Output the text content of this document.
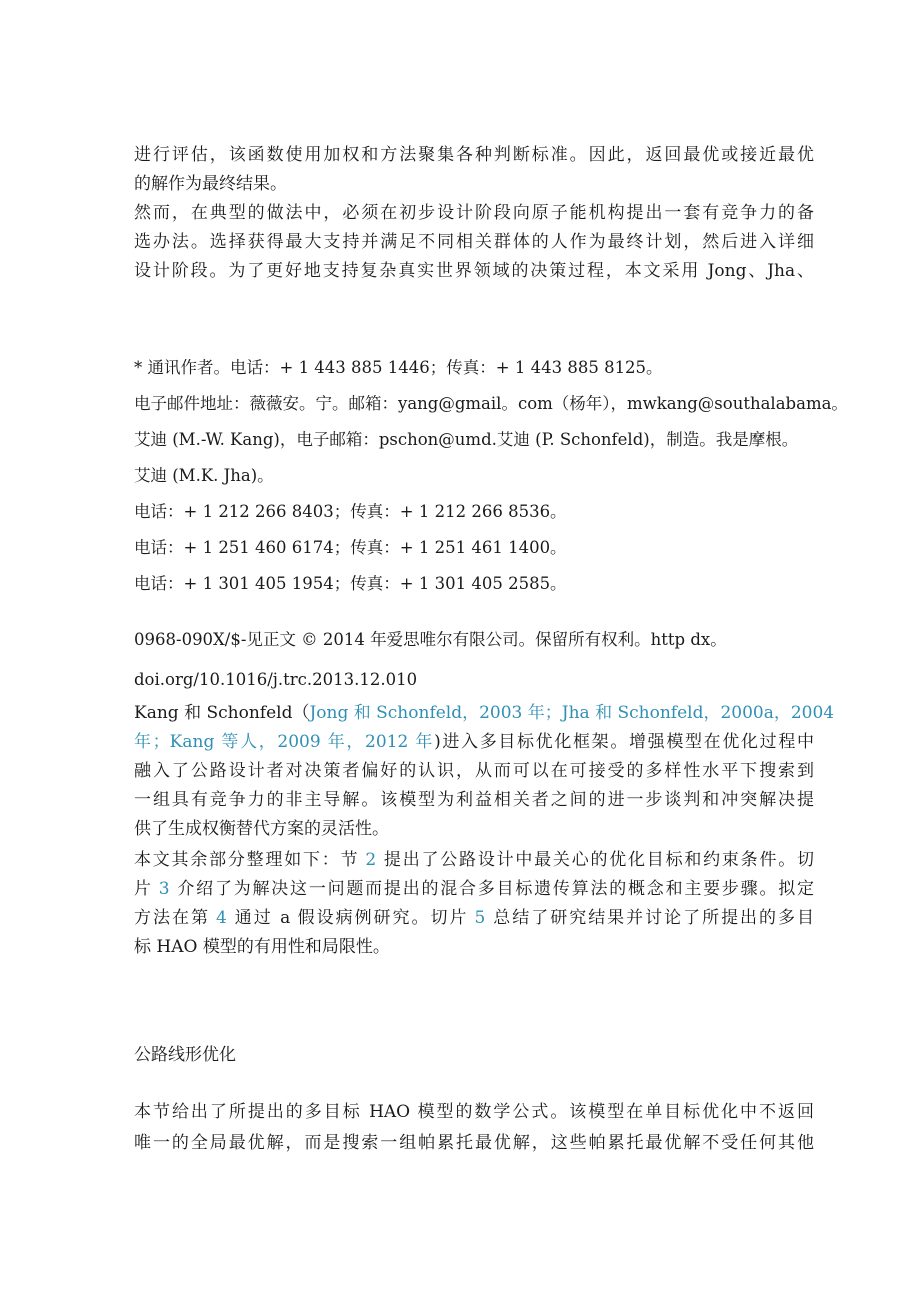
进行评估，该函数使用加权和方法聚集各种判断标准。因此，返回最优或接近最优
的解作为最终结果。
然而，在典型的做法中，必须在初步设计阶段向原子能机构提出一套有竞争力的备
选办法。选择获得最大支持并满足不同相关群体的人作为最终计划，然后进入详细
设计阶段。为了更好地支持复杂真实世界领域的决策过程，本文采用 Jong、Jha、
* 通讯作者。电话：+ 1 443 885 1446；传真：+ 1 443 885 8125。
电子邮件地址：薇薇安。宁。邮箱：yang@gmail。com（杨年），mwkang@southalabama。
艾迪 (M.-W. Kang)，电子邮箱：pschon@umd.艾迪 (P. Schonfeld)，制造。我是摩根。
艾迪 (M.K. Jha)。
电话：+ 1 212 266 8403；传真：+ 1 212 266 8536。
电话：+ 1 251 460 6174；传真：+ 1 251 461 1400。
电话：+ 1 301 405 1954；传真：+ 1 301 405 2585。
0968-090X/$-见正文 © 2014 年爱思唯尔有限公司。保留所有权利。http dx。
doi.org/10.1016/j.trc.2013.12.010
Kang 和 Schonfeld（Jong 和 Schonfeld，2003 年；Jha 和 Schonfeld，2000a，2004
年；Kang 等人，2009 年，2012 年)进入多目标优化框架。增强模型在优化过程中
融入了公路设计者对决策者偏好的认识，从而可以在可接受的多样性水平下搜索到
一组具有竞争力的非主导解。该模型为利益相关者之间的进一步谈判和冲突解决提
供了生成权衡替代方案的灵活性。
本文其余部分整理如下：节 2 提出了公路设计中最关心的优化目标和约束条件。切
片 3 介绍了为解决这一问题而提出的混合多目标遗传算法的概念和主要步骤。拟定
方法在第 4 通过 a 假设病例研究。切片 5 总结了研究结果并讨论了所提出的多目
标 HAO 模型的有用性和局限性。
公路线形优化
本节给出了所提出的多目标 HAO 模型的数学公式。该模型在单目标优化中不返回
唯一的全局最优解，而是搜索一组帕累托最优解，这些帕累托最优解不受任何其他
